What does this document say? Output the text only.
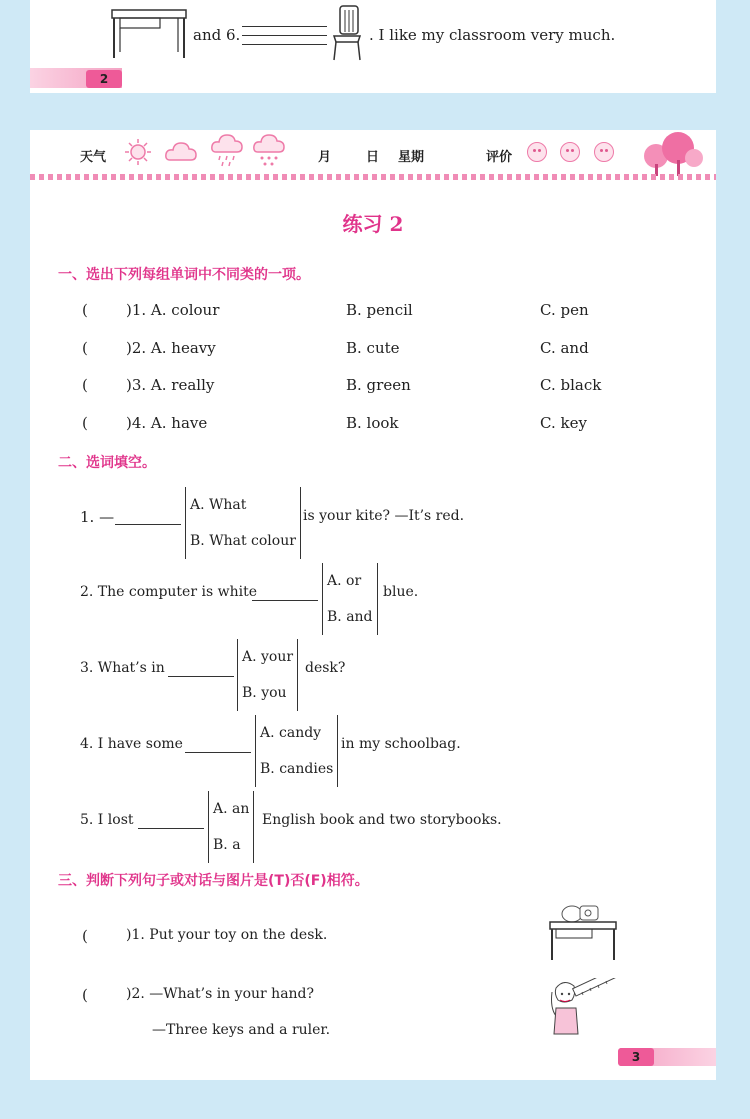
and 6.	. I like my classroom very much.
2
天气	月	日 星期	评价
练习 2
一、选出下列每组单词中不同类的一项。
(	)1. A. colour	B. pencil	C. pen
(	)2. A. heavy	B. cute	C. and
(	)3. A. really	B. green	C. black
(	)4. A. have	B. look	C. key
二、选词填空。
1. —
A. What
B. What colour
is your kite? —It’s red.
2. The computer is white
A. or
B. and
blue.
3. What’s in
A. your
B. you
desk?
4. I have some
A. candy
B. candies
in my schoolbag.
5. I lost
A. an
B. a
English book and two storybooks.
三、判断下列句子或对话与图片是(T)否(F)相符。
(	)1. Put your toy on the desk.
(	)2. —What’s in your hand?
—Three keys and a ruler.
3
